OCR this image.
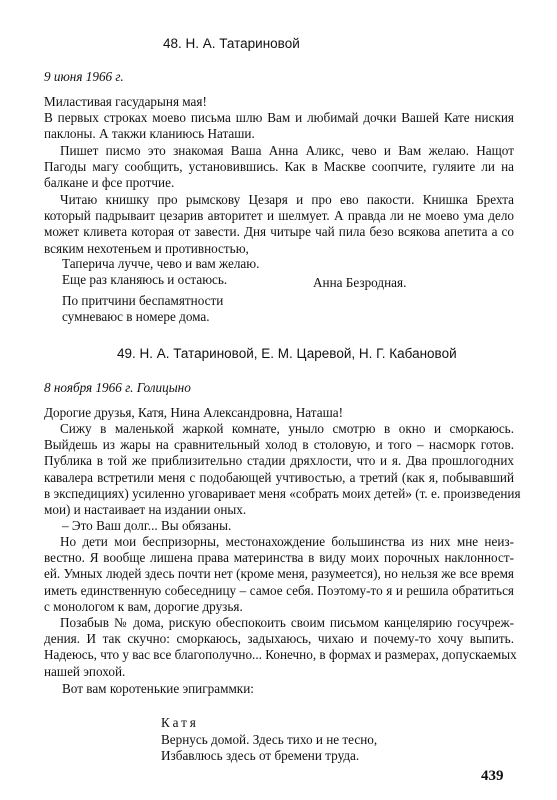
48. Н. А. Татариновой
9 июня 1966 г.
Миластивая гасударыня мая!
В первых строках моево письма шлю Вам и любимай дочки Вашей Кате ниския
паклоны. А такжи кланиюсь Наташи.
Пишет писмо это знакомая Ваша Анна Аликс, чево и Вам желаю. Нащот
Пагоды магу сообщить, установившись. Как в Маскве соопчите, гуляите ли на
балкане и фсе протчие.
Читаю книшку про рымскову Цезаря и про ево пакости. Книшка Брехта
который падрываит цезарив авторитет и шелмует. А правда ли не моево ума дело
может кливета которая от завести. Дня читыре чай пила безо всякова апетита а со
всяким нехотеньем и противностью,
Таперича лучче, чево и вам желаю.
Еще раз кланяюсь и остаюсь.	Анна Безродная.
По притчини беспамятности
сумневаюс в номере дома.
49. Н. А. Татариновой, Е. М. Царевой, Н. Г. Кабановой
8 ноября 1966 г. Голицыно
Дорогие друзья, Катя, Нина Александровна, Наташа!
Сижу в маленькой жаркой комнате, уныло смотрю в окно и сморкаюсь.
Выйдешь из жары на сравнительный холод в столовую, и того – насморк готов.
Публика в той же приблизительно стадии дряхлости, что и я. Два прошлогодних
кавалера встретили меня с подобающей учтивостью, а третий (как я, побывавший
в экспедициях) усиленно уговаривает меня «собрать моих детей» (т. е. произведения
мои) и настаивает на издании оных.
– Это Ваш долг... Вы обязаны.
Но дети мои беспризорны, местонахождение большинства из них мне неиз-
вестно. Я вообще лишена права материнства в виду моих порочных наклонност-
ей. Умных людей здесь почти нет (кроме меня, разумеется), но нельзя же все время
иметь единственную собеседницу – самое себя. Поэтому-то я и решила обратиться
с монологом к вам, дорогие друзья.
Позабыв № дома, рискую обеспокоить своим письмом канцелярию госучреж-
дения. И так скучно: сморкаюсь, задыхаюсь, чихаю и почему-то хочу выпить.
Надеюсь, что у вас все благополучно... Конечно, в формах и размерах, допускаемых
нашей эпохой.
Вот вам коротенькие эпиграммки:
Катя
Вернусь домой. Здесь тихо и не тесно,
Избавлюсь здесь от бремени труда.
439
